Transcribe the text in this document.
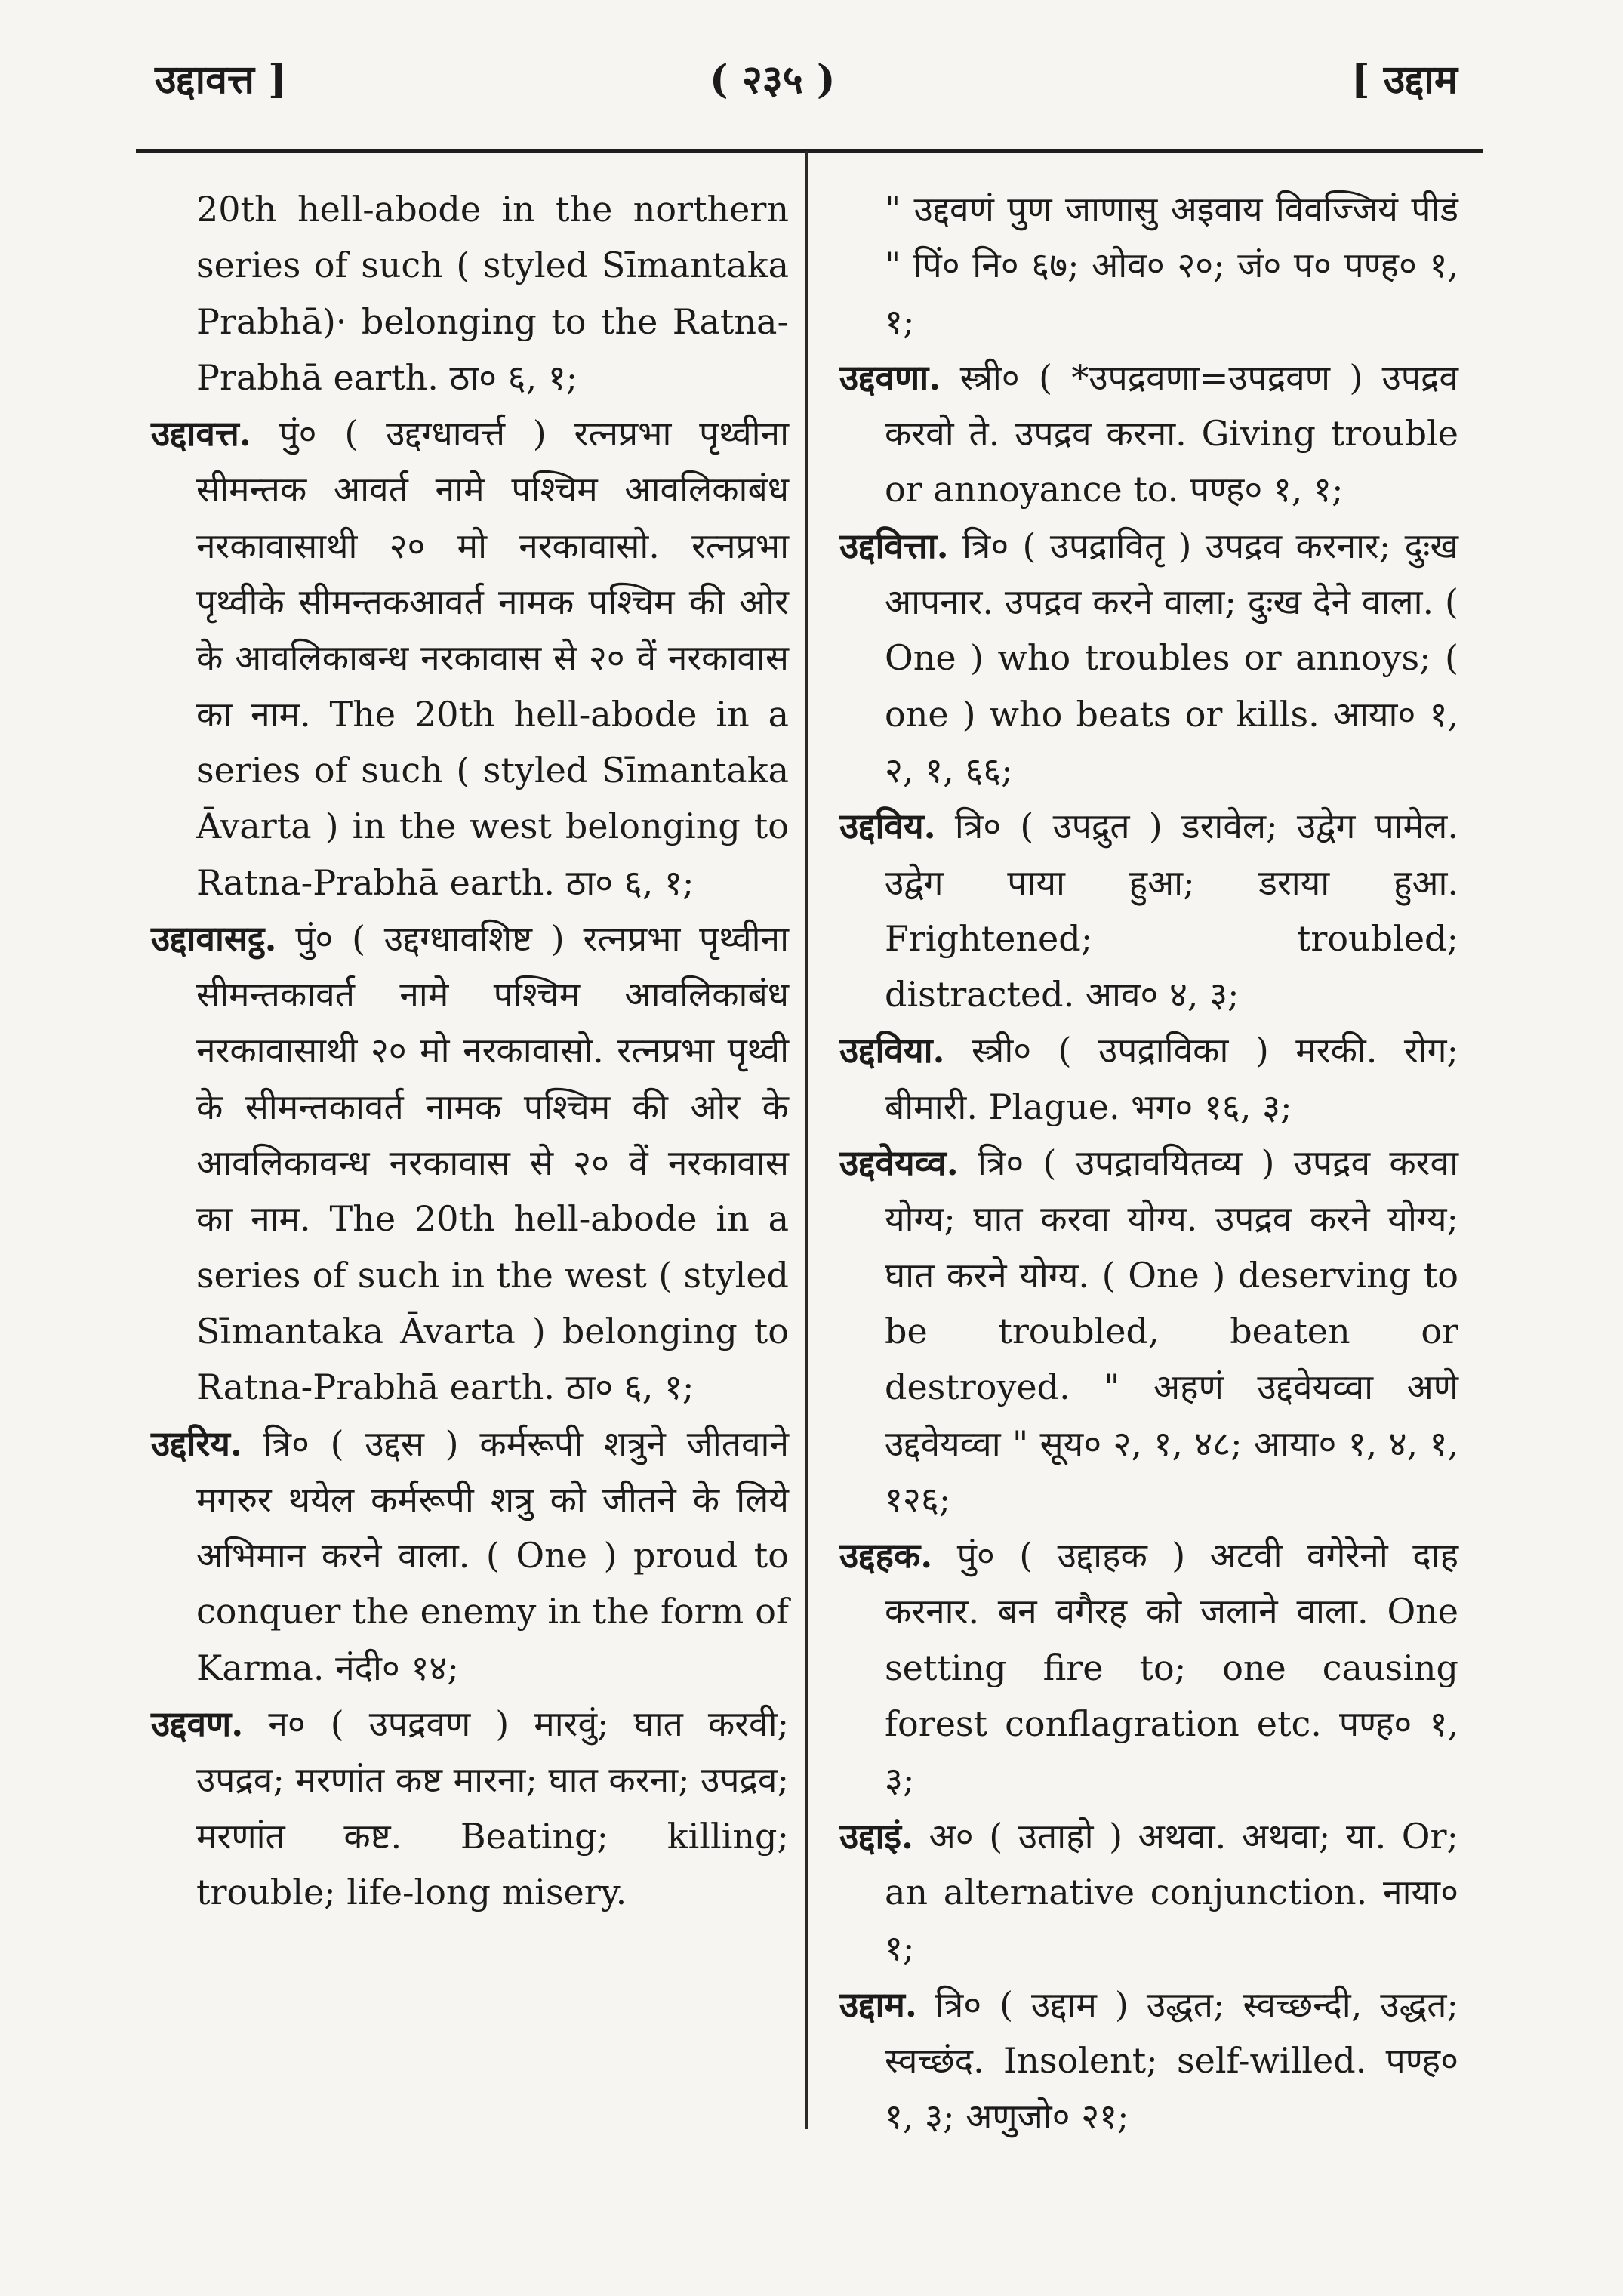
उद्दावत्त ]	( २३५ )	[ उद्दाम

20th hell-abode in the northern series of such ( styled Sīmantaka Prabhā)· belonging to the Ratna-Prabhā earth. ठा० ६, १;

उद्दावत्त. पुं० ( उद्दग्धावर्त्त ) रत्नप्रभा पृथ्वीना सीमन्तक आवर्त नामे पश्चिम आवलिकाबंध नरकावासाथी २० मो नरकावासो. रत्नप्रभा पृथ्वीके सीमन्तकआवर्त नामक पश्चिम की ओर के आवलिकाबन्ध नरकावास से २० वें नरकावास का नाम. The 20th hell-abode in a series of such ( styled Sīmantaka Āvarta ) in the west belonging to Ratna-Prabhā earth. ठा० ६, १;

उद्दावासट्ठ. पुं० ( उद्दग्धावशिष्ट ) रत्नप्रभा पृथ्वीना सीमन्तकावर्त नामे पश्चिम आवलिकाबंध नरकावासाथी २० मो नरकावासो. रत्नप्रभा पृथ्वी के सीमन्तकावर्त नामक पश्चिम की ओर के आवलिकावन्ध नरकावास से २० वें नरकावास का नाम. The 20th hell-abode in a series of such in the west ( styled Sīmantaka Āvarta ) belonging to Ratna-Prabhā earth. ठा० ६, १;

उद्दरिय. त्रि० ( उद्दस ) कर्मरूपी शत्रुने जीतवाने मगरुर थयेल कर्मरूपी शत्रु को जीतने के लिये अभिमान करने वाला. ( One ) proud to conquer the enemy in the form of Karma. नंदी० १४;

उद्दवण. न० ( उपद्रवण ) मारवुं; घात करवी; उपद्रव; मरणांत कष्ट मारना; घात करना; उपद्रव; मरणांत कष्ट. Beating; killing; trouble; life-long misery.

" उद्दवणं पुण जाणासु अइवाय विवज्जियं पीडं " पिं० नि० ६७; ओव० २०; जं० प० पण्ह० १, १;

उद्दवणा. स्त्री० ( *उपद्रवणा=उपद्रवण ) उपद्रव करवो ते. उपद्रव करना. Giving trouble or annoyance to. पण्ह० १, १;

उद्दवित्ता. त्रि० ( उपद्रावितृ ) उपद्रव करनार; दुःख आपनार. उपद्रव करने वाला; दुःख देने वाला. ( One ) who troubles or annoys; ( one ) who beats or kills. आया० १, २, १, ६६;

उद्दविय. त्रि० ( उपद्रुत ) डरावेल; उद्वेग पामेल. उद्वेग पाया हुआ; डराया हुआ. Frightened; troubled; distracted. आव० ४, ३;

उद्दविया. स्त्री० ( उपद्राविका ) मरकी. रोग; बीमारी. Plague. भग० १६, ३;

उद्दवेयव्व. त्रि० ( उपद्रावयितव्य ) उपद्रव करवा योग्य; घात करवा योग्य. उपद्रव करने योग्य; घात करने योग्य. ( One ) deserving to be troubled, beaten or destroyed. " अहणं उद्दवेयव्वा अणे उद्दवेयव्वा " सूय० २, १, ४८; आया० १, ४, १, १२६;

उद्दहक. पुं० ( उद्दाहक ) अटवी वगेरेनो दाह करनार. बन वगैरह को जलाने वाला. One setting fire to; one causing forest conflagration etc. पण्ह० १, ३;

उद्दाइं. अ० ( उताहो ) अथवा. अथवा; या. Or; an alternative conjunction. नाया० १;

उद्दाम. त्रि० ( उद्दाम ) उद्धत; स्वच्छन्दी, उद्धत; स्वच्छंद. Insolent; self-willed. पण्ह० १, ३; अणुजो० २१;
